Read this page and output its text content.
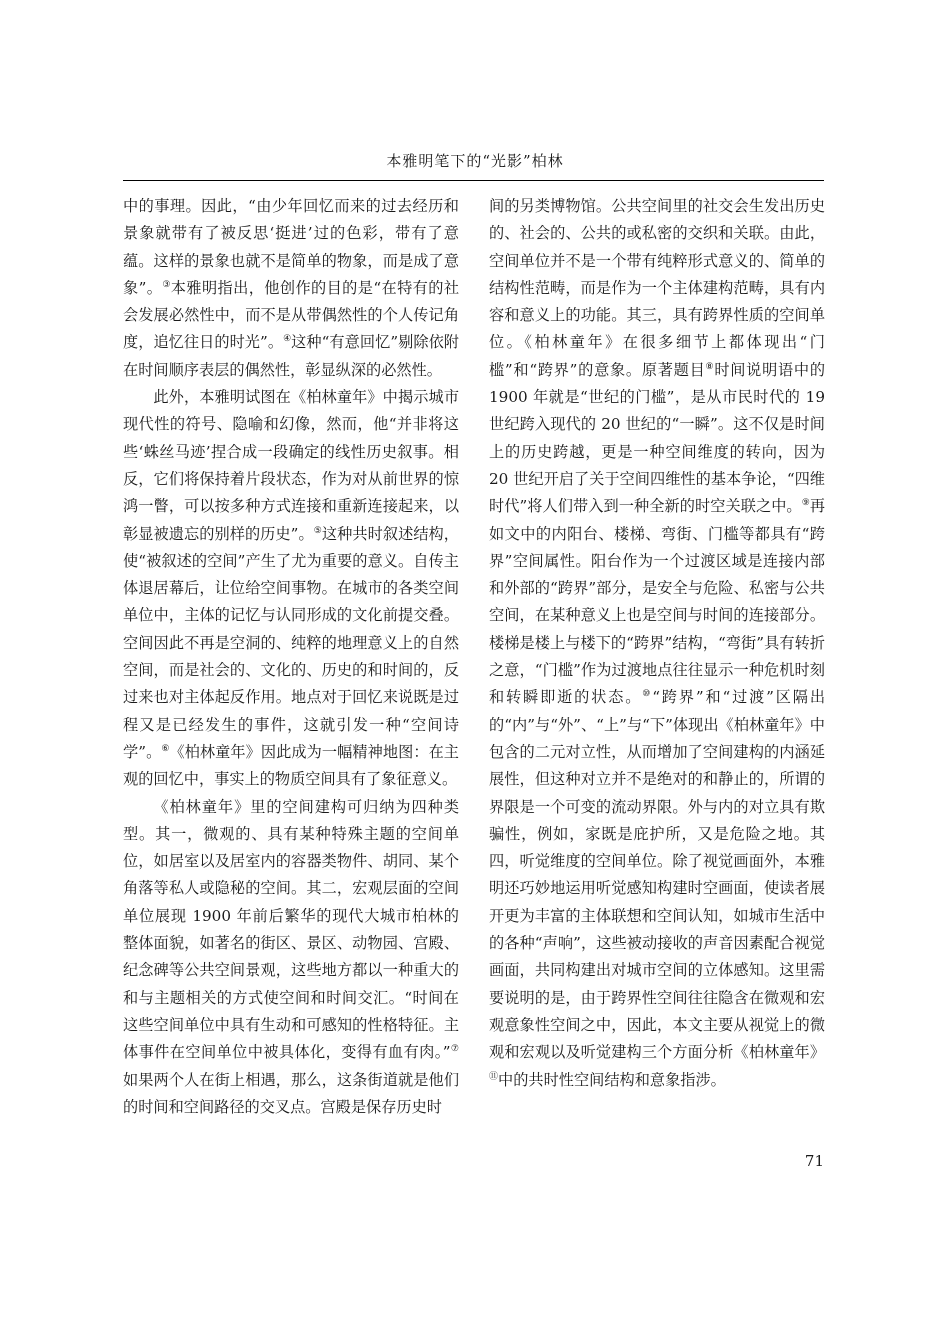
本雅明笔下的“光影”柏林

中的事理。因此，“由少年回忆而来的过去经历和景象就带有了被反思‘挺进’过的色彩，带有了意蕴。这样的景象也就不是简单的物象，而是成了意象”。③本雅明指出，他创作的目的是“在特有的社会发展必然性中，而不是从带偶然性的个人传记角度，追忆往日的时光”。④这种“有意回忆”剔除依附在时间顺序表层的偶然性，彰显纵深的必然性。

此外，本雅明试图在《柏林童年》中揭示城市现代性的符号、隐喻和幻像，然而，他“并非将这些‘蛛丝马迹’捏合成一段确定的线性历史叙事。相反，它们将保持着片段状态，作为对从前世界的惊鸿一瞥，可以按多种方式连接和重新连接起来，以彰显被遗忘的别样的历史”。⑤这种共时叙述结构，使“被叙述的空间”产生了尤为重要的意义。自传主体退居幕后，让位给空间事物。在城市的各类空间单位中，主体的记忆与认同形成的文化前提交叠。空间因此不再是空洞的、纯粹的地理意义上的自然空间，而是社会的、文化的、历史的和时间的，反过来也对主体起反作用。地点对于回忆来说既是过程又是已经发生的事件，这就引发一种“空间诗学”。⑥《柏林童年》因此成为一幅精神地图：在主观的回忆中，事实上的物质空间具有了象征意义。

《柏林童年》里的空间建构可归纳为四种类型。其一，微观的、具有某种特殊主题的空间单位，如居室以及居室内的容器类物件、胡同、某个角落等私人或隐秘的空间。其二，宏观层面的空间单位展现 1900 年前后繁华的现代大城市柏林的整体面貌，如著名的街区、景区、动物园、宫殿、纪念碑等公共空间景观，这些地方都以一种重大的和与主题相关的方式使空间和时间交汇。“时间在这些空间单位中具有生动和可感知的性格特征。主体事件在空间单位中被具体化，变得有血有肉。”⑦如果两个人在街上相遇，那么，这条街道就是他们的时间和空间路径的交叉点。宫殿是保存历史时

间的另类博物馆。公共空间里的社交会生发出历史的、社会的、公共的或私密的交织和关联。由此，空间单位并不是一个带有纯粹形式意义的、简单的结构性范畴，而是作为一个主体建构范畴，具有内容和意义上的功能。其三，具有跨界性质的空间单位。《柏林童年》在很多细节上都体现出“门槛”和“跨界”的意象。原著题目⑧时间说明语中的 1900 年就是“世纪的门槛”，是从市民时代的 19 世纪跨入现代的 20 世纪的“一瞬”。这不仅是时间上的历史跨越，更是一种空间维度的转向，因为 20 世纪开启了关于空间四维性的基本争论，“四维时代”将人们带入到一种全新的时空关联之中。⑨再如文中的内阳台、楼梯、弯街、门槛等都具有“跨界”空间属性。阳台作为一个过渡区域是连接内部和外部的“跨界”部分，是安全与危险、私密与公共空间，在某种意义上也是空间与时间的连接部分。楼梯是楼上与楼下的“跨界”结构，“弯街”具有转折之意，“门槛”作为过渡地点往往显示一种危机时刻和转瞬即逝的状态。⑩“跨界”和“过渡”区隔出的“内”与“外”、“上”与“下”体现出《柏林童年》中包含的二元对立性，从而增加了空间建构的内涵延展性，但这种对立并不是绝对的和静止的，所谓的界限是一个可变的流动界限。外与内的对立具有欺骗性，例如，家既是庇护所，又是危险之地。其四，听觉维度的空间单位。除了视觉画面外，本雅明还巧妙地运用听觉感知构建时空画面，使读者展开更为丰富的主体联想和空间认知，如城市生活中的各种“声响”，这些被动接收的声音因素配合视觉画面，共同构建出对城市空间的立体感知。这里需要说明的是，由于跨界性空间往往隐含在微观和宏观意象性空间之中，因此，本文主要从视觉上的微观和宏观以及听觉建构三个方面分析《柏林童年》⑪中的共时性空间结构和意象指涉。

71
